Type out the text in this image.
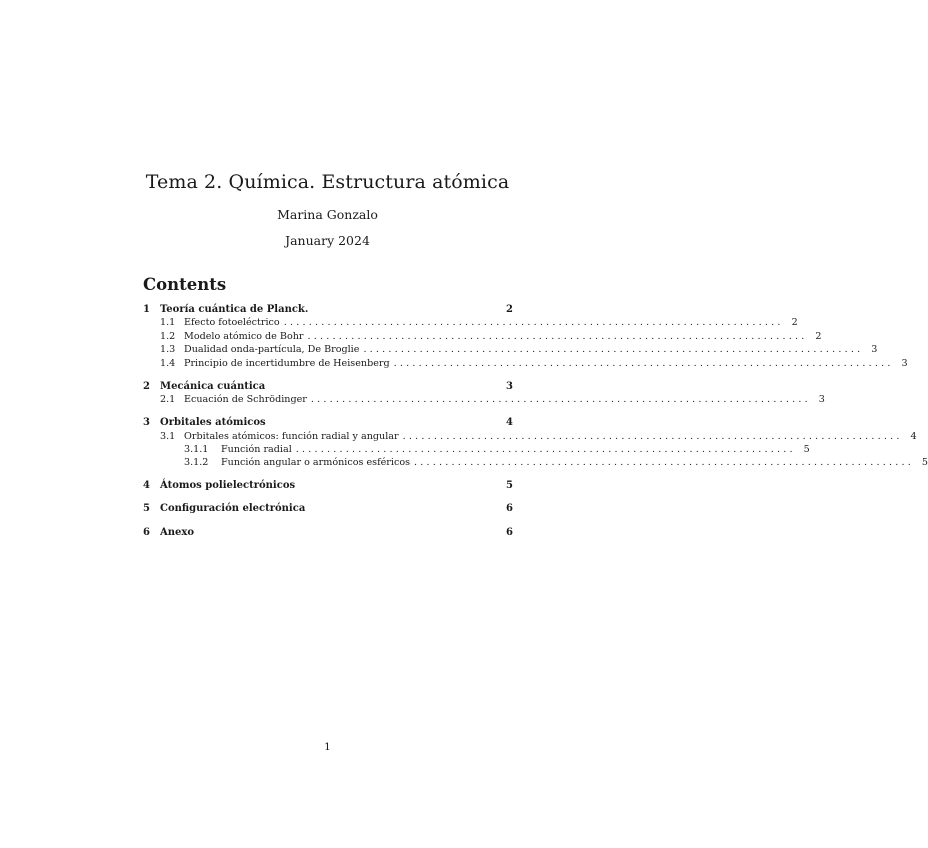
Tema 2. Química. Estructura atómica
Marina Gonzalo
January 2024
Contents
1	Teoría cuántica de Planck.	2
1.1 Efecto fotoeléctrico ................................................................................ 2
1.2 Modelo atómico de Bohr ................................................................................ 2
1.3 Dualidad onda-partícula, De Broglie ................................................................................ 3
1.4 Principio de incertidumbre de Heisenberg ................................................................................ 3
2	Mecánica cuántica	3
2.1 Ecuación de Schrödinger ................................................................................ 3
3	Orbitales atómicos	4
3.1 Orbitales atómicos: función radial y angular ................................................................................ 4
3.1.1	Función radial ................................................................................ 5
3.1.2	Función angular o armónicos esféricos ................................................................................ 5
4	Átomos polielectrónicos	5
5	Configuración electrónica	6
6	Anexo	6
1
